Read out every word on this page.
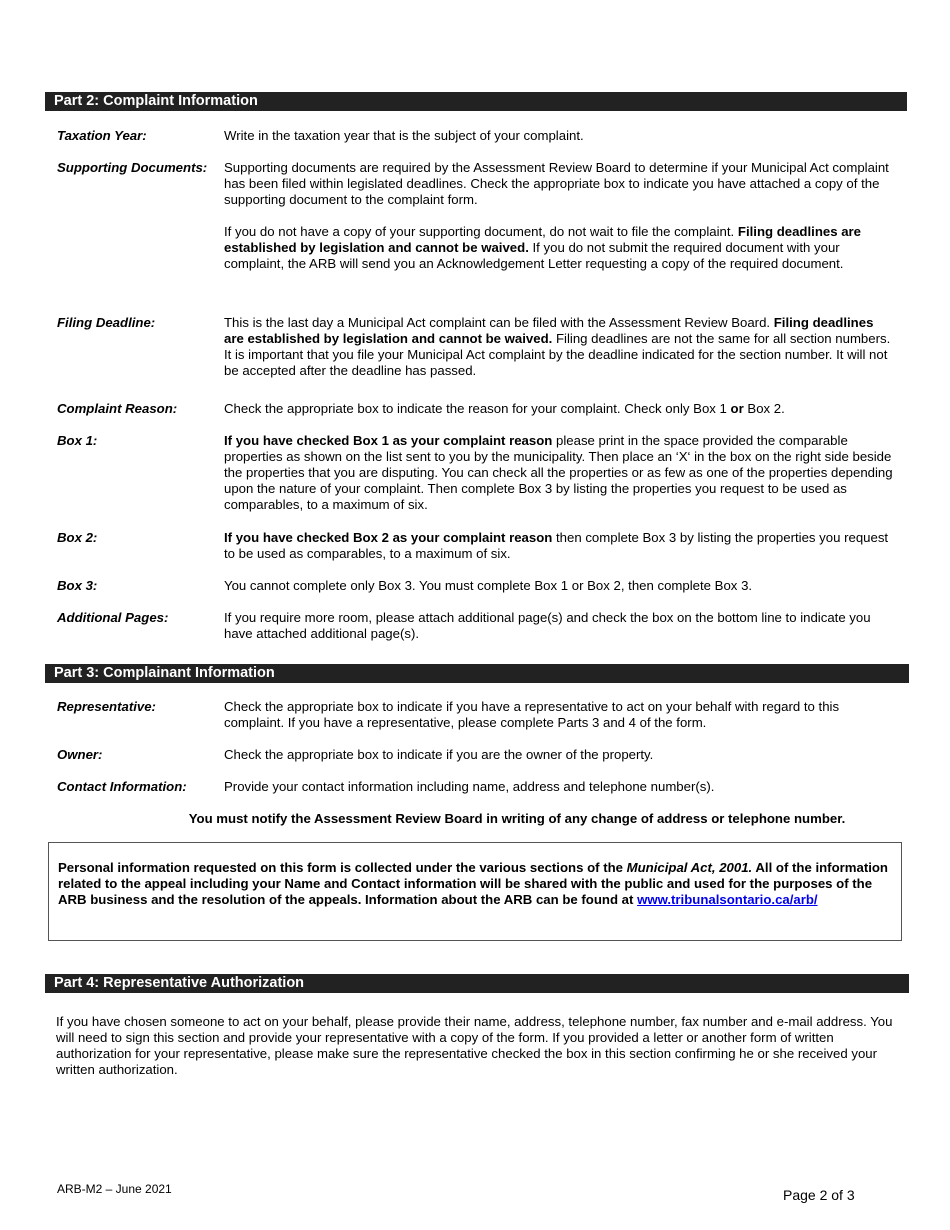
Part 2: Complaint Information
Taxation Year:	Write in the taxation year that is the subject of your complaint.
Supporting Documents:	Supporting documents are required by the Assessment Review Board to determine if your Municipal Act complaint has been filed within legislated deadlines. Check the appropriate box to indicate you have attached a copy of the supporting document to the complaint form.

If you do not have a copy of your supporting document, do not wait to file the complaint. Filing deadlines are established by legislation and cannot be waived. If you do not submit the required document with your complaint, the ARB will send you an Acknowledgement Letter requesting a copy of the required document.

Filing Deadline:	This is the last day a Municipal Act complaint can be filed with the Assessment Review Board. Filing deadlines are established by legislation and cannot be waived. Filing deadlines are not the same for all section numbers. It is important that you file your Municipal Act complaint by the deadline indicated for the section number. It will not be accepted after the deadline has passed.
Complaint Reason:	Check the appropriate box to indicate the reason for your complaint. Check only Box 1 or Box 2.
Box 1:	If you have checked Box 1 as your complaint reason please print in the space provided the comparable properties as shown on the list sent to you by the municipality. Then place an ‘X‘ in the box on the right side beside the properties that you are disputing. You can check all the properties or as few as one of the properties depending upon the nature of your complaint. Then complete Box 3 by listing the properties you request to be used as comparables, to a maximum of six.
Box 2:	If you have checked Box 2 as your complaint reason then complete Box 3 by listing the properties you request to be used as comparables, to a maximum of six.
Box 3:	You cannot complete only Box 3. You must complete Box 1 or Box 2, then complete Box 3.
Additional Pages:	If you require more room, please attach additional page(s) and check the box on the bottom line to indicate you have attached additional page(s).
Part 3: Complainant Information
Representative:	Check the appropriate box to indicate if you have a representative to act on your behalf with regard to this complaint. If you have a representative, please complete Parts 3 and 4 of the form.
Owner:	Check the appropriate box to indicate if you are the owner of the property.
Contact Information:	Provide your contact information including name, address and telephone number(s).
You must notify the Assessment Review Board in writing of any change of address or telephone number.
Personal information requested on this form is collected under the various sections of the Municipal Act, 2001. All of the information related to the appeal including your Name and Contact information will be shared with the public and used for the purposes of the ARB business and the resolution of the appeals. Information about the ARB can be found at www.tribunalsontario.ca/arb/
Part 4: Representative Authorization
If you have chosen someone to act on your behalf, please provide their name, address, telephone number, fax number and e-mail address. You will need to sign this section and provide your representative with a copy of the form. If you provided a letter or another form of written authorization for your representative, please make sure the representative checked the box in this section confirming he or she received your written authorization.
ARB-M2 – June 2021	Page 2 of 3
